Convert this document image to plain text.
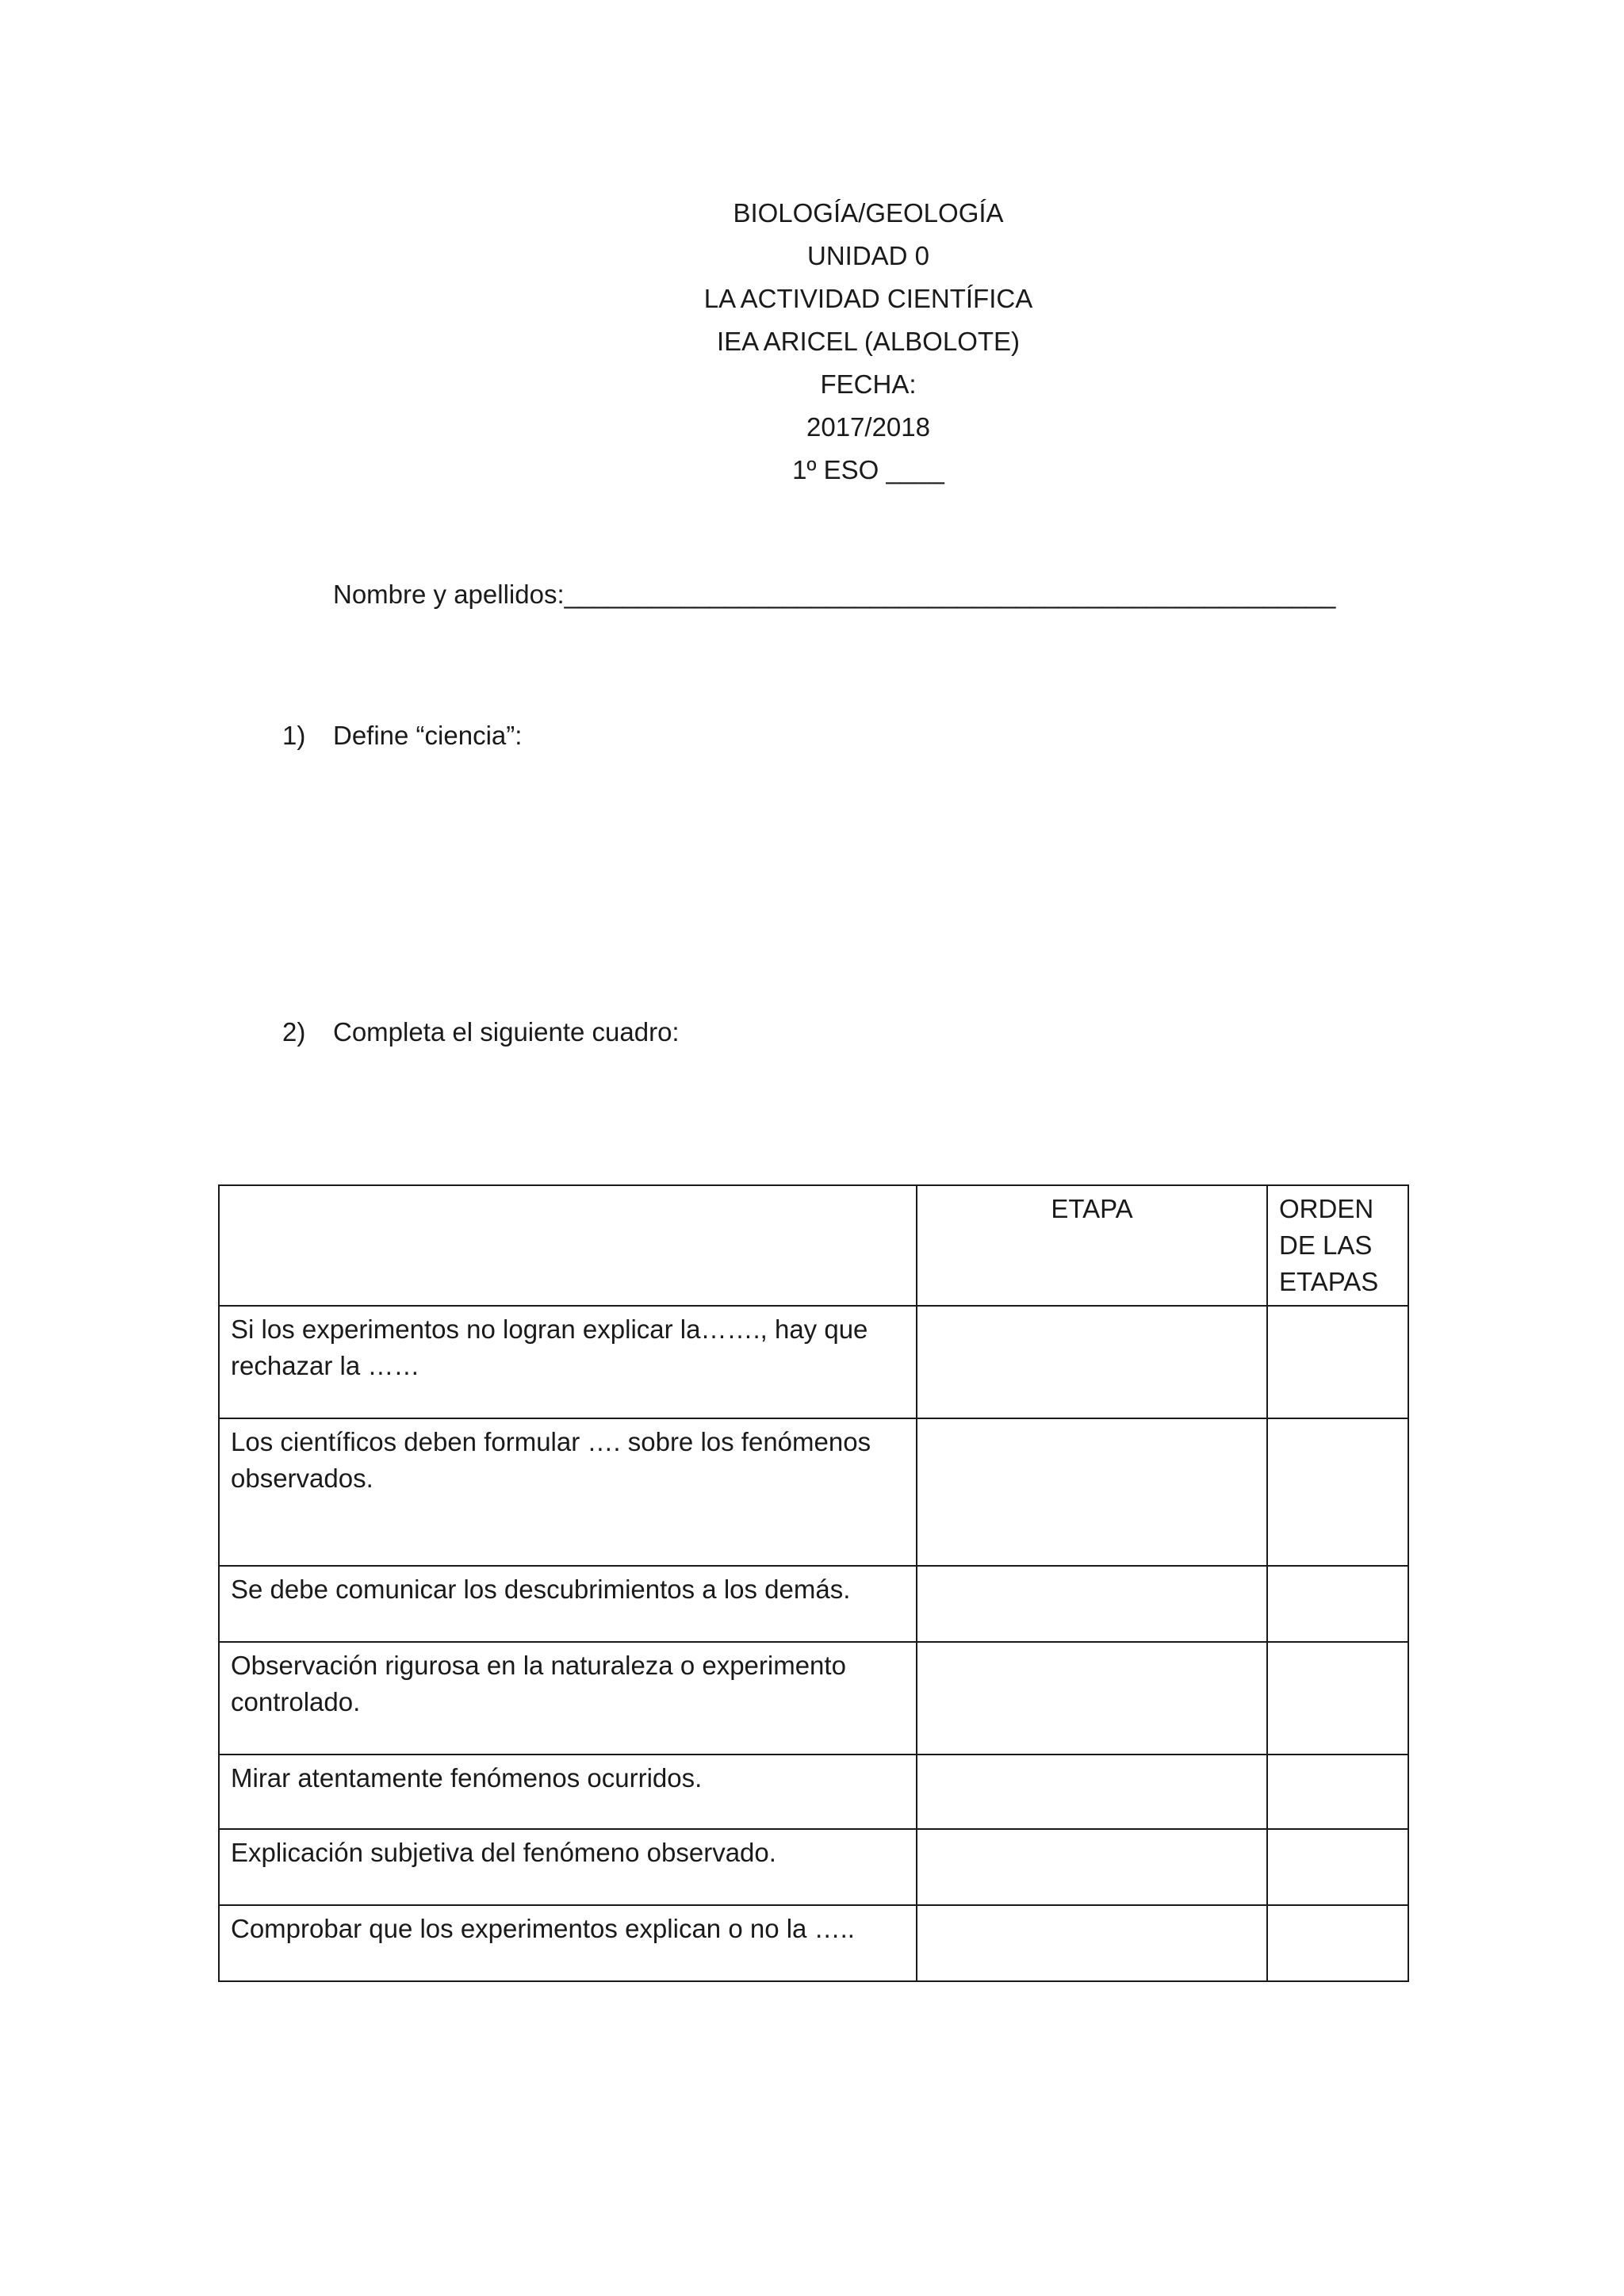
BIOLOGÍA/GEOLOGÍA
UNIDAD 0
LA ACTIVIDAD CIENTÍFICA
IEA ARICEL (ALBOLOTE)
FECHA:
2017/2018
1º ESO ____
Nombre y apellidos:_____________________________________________________
1) Define “ciencia”:
2) Completa el siguiente cuadro:
	ETAPA	ORDEN DE LAS ETAPAS
Si los experimentos no logran explicar la……., hay que rechazar la ……		
Los científicos deben formular …. sobre los fenómenos observados.		
Se debe comunicar los descubrimientos a los demás.		
Observación rigurosa en la naturaleza o experimento controlado.		
Mirar atentamente fenómenos ocurridos.		
Explicación subjetiva del fenómeno observado.		
Comprobar que los experimentos explican o no la …..		
